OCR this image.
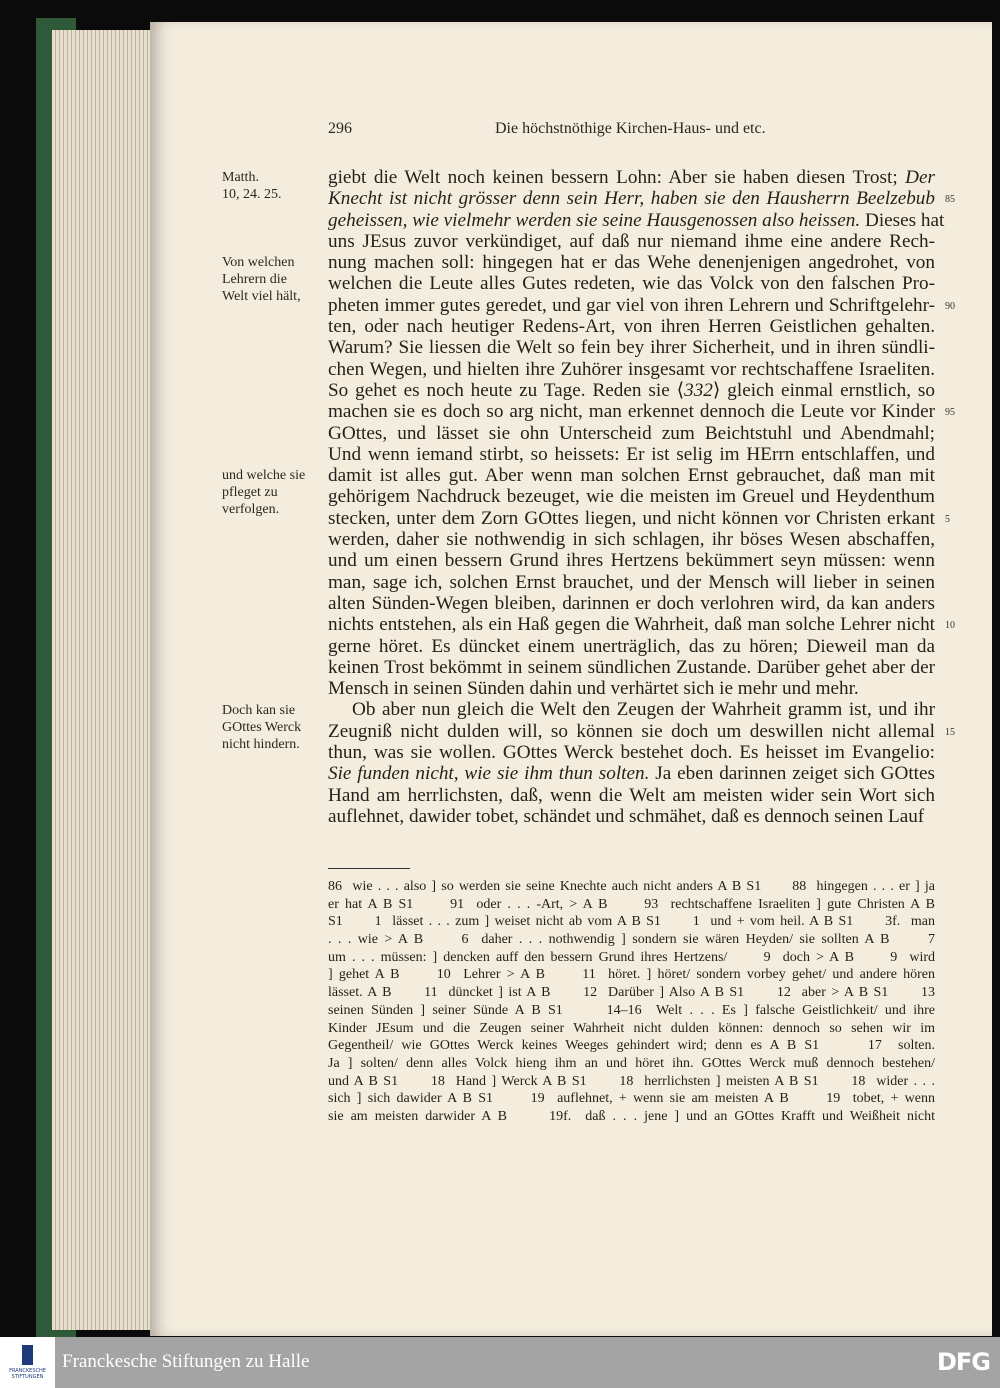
296	Die höchstnöthige Kirchen-Haus- und etc.
giebt die Welt noch keinen bessern Lohn: Aber sie haben diesen Trost; Der
Knecht ist nicht grösser denn sein Herr, haben sie den Hausherrn Beelzebub
geheissen, wie vielmehr werden sie seine Hausgenossen also heissen. Dieses hat
uns JEsus zuvor verkündiget, auf daß nur niemand ihme eine andere Rech-
nung machen soll: hingegen hat er das Wehe denenjenigen angedrohet, von
welchen die Leute alles Gutes redeten, wie das Volck von den falschen Pro-
pheten immer gutes geredet, und gar viel von ihren Lehrern und Schriftgelehr-
ten, oder nach heutiger Redens-Art, von ihren Herren Geistlichen gehalten.
Warum? Sie liessen die Welt so fein bey ihrer Sicherheit, und in ihren sündli-
chen Wegen, und hielten ihre Zuhörer insgesamt vor rechtschaffene Israeliten.
So gehet es noch heute zu Tage. Reden sie ⟨332⟩ gleich einmal ernstlich, so
machen sie es doch so arg nicht, man erkennet dennoch die Leute vor Kinder
GOttes, und lässet sie ohn Unterscheid zum Beichtstuhl und Abendmahl;
Und wenn iemand stirbt, so heissets: Er ist selig im HErrn entschlaffen, und
damit ist alles gut. Aber wenn man solchen Ernst gebrauchet, daß man mit
gehörigem Nachdruck bezeuget, wie die meisten im Greuel und Heydenthum
stecken, unter dem Zorn GOttes liegen, und nicht können vor Christen erkant
werden, daher sie nothwendig in sich schlagen, ihr böses Wesen abschaffen,
und um einen bessern Grund ihres Hertzens bekümmert seyn müssen: wenn
man, sage ich, solchen Ernst brauchet, und der Mensch will lieber in seinen
alten Sünden-Wegen bleiben, darinnen er doch verlohren wird, da kan anders
nichts entstehen, als ein Haß gegen die Wahrheit, daß man solche Lehrer nicht
gerne höret. Es düncket einem unerträglich, das zu hören; Dieweil man da
keinen Trost bekömmt in seinem sündlichen Zustande. Darüber gehet aber der
Mensch in seinen Sünden dahin und verhärtet sich ie mehr und mehr.
Ob aber nun gleich die Welt den Zeugen der Wahrheit gramm ist, und ihr
Zeugniß nicht dulden will, so können sie doch um deswillen nicht allemal
thun, was sie wollen. GOttes Werck bestehet doch. Es heisset im Evangelio:
Sie funden nicht, wie sie ihm thun solten. Ja eben darinnen zeiget sich GOttes
Hand am herrlichsten, daß, wenn die Welt am meisten wider sein Wort sich
auflehnet, dawider tobet, schändet und schmähet, daß es dennoch seinen Lauf
85
90
95
5
10
15
Matth.
10, 24. 25.
Von welchen
Lehrern die
Welt viel hält,
und welche sie
pfleget zu
verfolgen.
Doch kan sie
GOttes Werck
nicht hindern.
86  wie . . . also ] so werden sie seine Knechte auch nicht anders A B S1      88  hingegen . . . er ] ja
er hat A B S1      91  oder . . . -Art, > A B      93  rechtschaffene Israeliten ] gute Christen A B
S1      1  lässet . . . zum ] weiset nicht ab vom A B S1      1  und + vom heil. A B S1      3f.  man
. . . wie > A B      6  daher . . . nothwendig ] sondern sie wären Heyden/ sie sollten A B      7
um . . . müssen: ] dencken auff den bessern Grund ihres Hertzens/      9  doch > A B      9  wird
] gehet A B      10  Lehrer > A B      11  höret. ] höret/ sondern vorbey gehet/ und andere hören
lässet. A B      11  düncket ] ist A B      12  Darüber ] Also A B S1      12  aber > A B S1      13
seinen Sünden ] seiner Sünde A B S1      14–16  Welt . . . Es ] falsche Geistlichkeit/ und ihre
Kinder JEsum und die Zeugen seiner Wahrheit nicht dulden können: dennoch so sehen wir im
Gegentheil/ wie GOttes Werck keines Weeges gehindert wird; denn es A B S1      17  solten.
Ja ] solten/ denn alles Volck hieng ihm an und höret ihn. GOttes Werck muß dennoch bestehen/
und A B S1      18  Hand ] Werck A B S1      18  herrlichsten ] meisten A B S1      18  wider . . .
sich ] sich dawider A B S1      19  auflehnet, + wenn sie am meisten A B      19  tobet, + wenn
sie am meisten darwider A B      19f.  daß . . . jene ] und an GOttes Krafft und Weißheit nicht
FRANCKESCHE
STIFTUNGEN
Franckesche Stiftungen zu Halle	DFG
